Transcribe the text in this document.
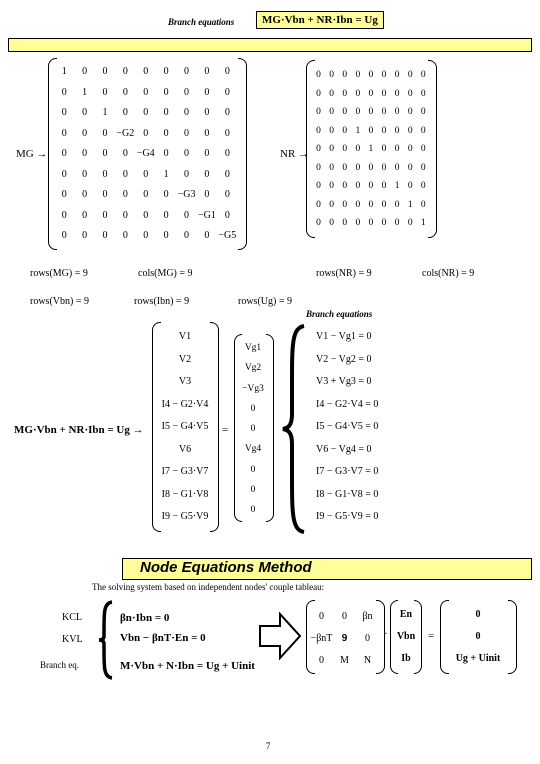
Branch equations	MG·Vbn + NR·Ibn = Ug
MG →
1 0 0 0 0 0 0 0 0
0 1 0 0 0 0 0 0 0
0 0 1 0 0 0 0 0 0
0 0 0 −G2 0 0 0 0 0
0 0 0 0 −G4 0 0 0 0
0 0 0 0 0 1 0 0 0
0 0 0 0 0 0 −G3 0 0
0 0 0 0 0 0 0 −G1 0
0 0 0 0 0 0 0 0 −G5
NR →
0 0 0 0 0 0 0 0 0
0 0 0 0 0 0 0 0 0
0 0 0 0 0 0 0 0 0
0 0 0 1 0 0 0 0 0
0 0 0 0 1 0 0 0 0
0 0 0 0 0 0 0 0 0
0 0 0 0 0 0 1 0 0
0 0 0 0 0 0 0 1 0
0 0 0 0 0 0 0 0 1
rows(MG) = 9	cols(MG) = 9	rows(NR) = 9	cols(NR) = 9
rows(Vbn) = 9	rows(Ibn) = 9	rows(Ug) = 9
Branch equations
MG·Vbn + NR·Ibn = Ug →
V1
V2
V3
I4 − G2·V4
I5 − G4·V5
V6
I7 − G3·V7
I8 − G1·V8
I9 − G5·V9
=
Vg1
Vg2
−Vg3
0
0
Vg4
0
0
0
V1 − Vg1 = 0
V2 − Vg2 = 0
V3 + Vg3 = 0
I4 − G2·V4 = 0
I5 − G4·V5 = 0
V6 − Vg4 = 0
I7 − G3·V7 = 0
I8 − G1·V8 = 0
I9 − G5·V9 = 0
Node Equations Method
The solving system based on independent nodes' couple tableau:
KCL
KVL
Branch eq.
βn·Ibn = 0
Vbn − βnT·En = 0
M·Vbn + N·Ibn = Ug + Uinit
0 0 βn
−βnT 𝟗 0
0 M N
En
Vbn
Ib
·	=
0
0
Ug + Uinit
7
